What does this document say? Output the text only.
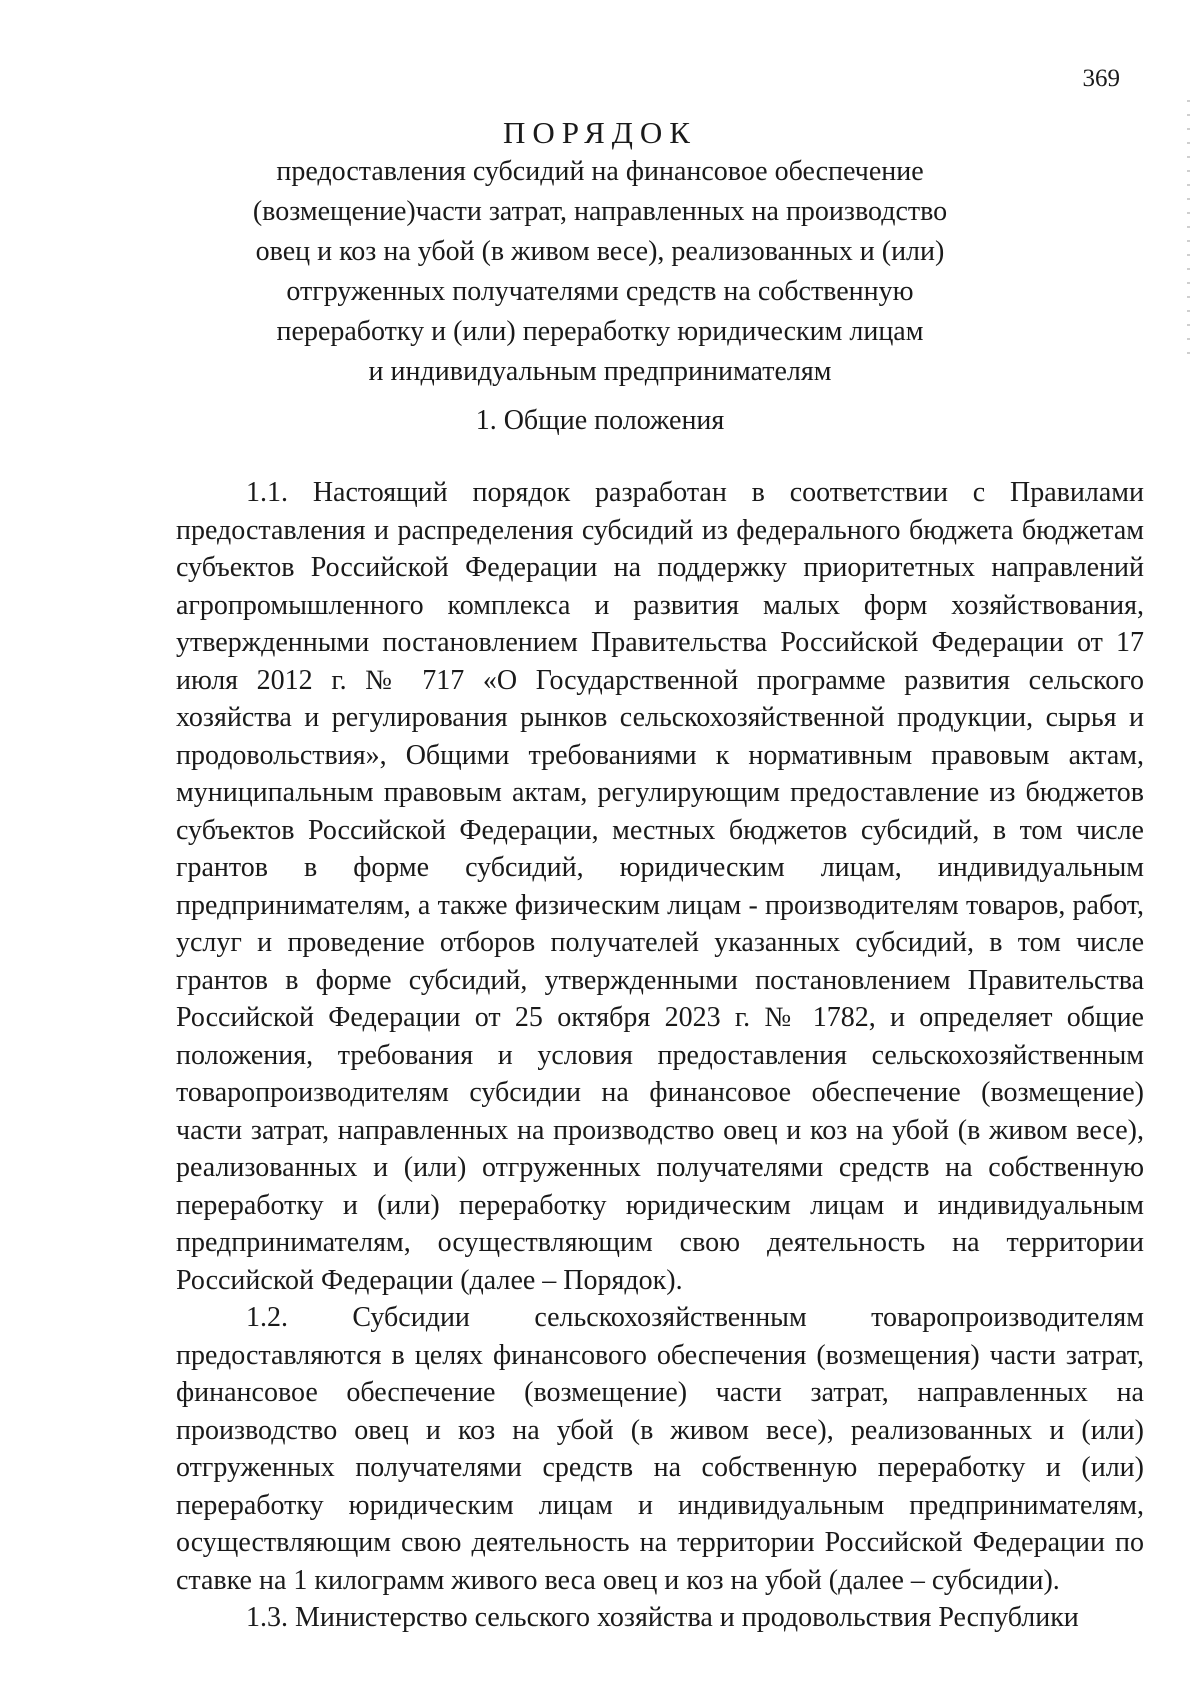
369
ПОРЯДОК
предоставления субсидий на финансовое обеспечение
(возмещение)части затрат, направленных на производство
овец и коз на убой (в живом весе), реализованных и (или)
отгруженных получателями средств на собственную
переработку и (или) переработку юридическим лицам
и индивидуальным предпринимателям
1. Общие положения

1.1. Настоящий порядок разработан в соответствии с Правилами предоставления и распределения субсидий из федерального бюджета бюджетам субъектов Российской Федерации на поддержку приоритетных направлений агропромышленного комплекса и развития малых форм хозяйствования, утвержденными постановлением Правительства Российской Федерации от 17 июля 2012 г. № 717 «О Государственной программе развития сельского хозяйства и регулирования рынков сельскохозяйственной продукции, сырья и продовольствия», Общими требованиями к нормативным правовым актам, муниципальным правовым актам, регулирующим предоставление из бюджетов субъектов Российской Федерации, местных бюджетов субсидий, в том числе грантов в форме субсидий, юридическим лицам, индивидуальным предпринимателям, а также физическим лицам - производителям товаров, работ, услуг и проведение отборов получателей указанных субсидий, в том числе грантов в форме субсидий, утвержденными постановлением Правительства Российской Федерации от 25 октября 2023 г. № 1782, и определяет общие положения, требования и условия предоставления сельскохозяйственным товаропроизводителям субсидии на финансовое обеспечение (возмещение) части затрат, направленных на производство овец и коз на убой (в живом весе), реализованных и (или) отгруженных получателями средств на собственную переработку и (или) переработку юридическим лицам и индивидуальным предпринимателям, осуществляющим свою деятельность на территории Российской Федерации (далее – Порядок).

1.2. Субсидии сельскохозяйственным товаропроизводителям предоставляются в целях финансового обеспечения (возмещения) части затрат, финансовое обеспечение (возмещение) части затрат, направленных на производство овец и коз на убой (в живом весе), реализованных и (или) отгруженных получателями средств на собственную переработку и (или) переработку юридическим лицам и индивидуальным предпринимателям, осуществляющим свою деятельность на территории Российской Федерации по ставке на 1 килограмм живого веса овец и коз на убой (далее – субсидии).

1.3. Министерство сельского хозяйства и продовольствия Республики
